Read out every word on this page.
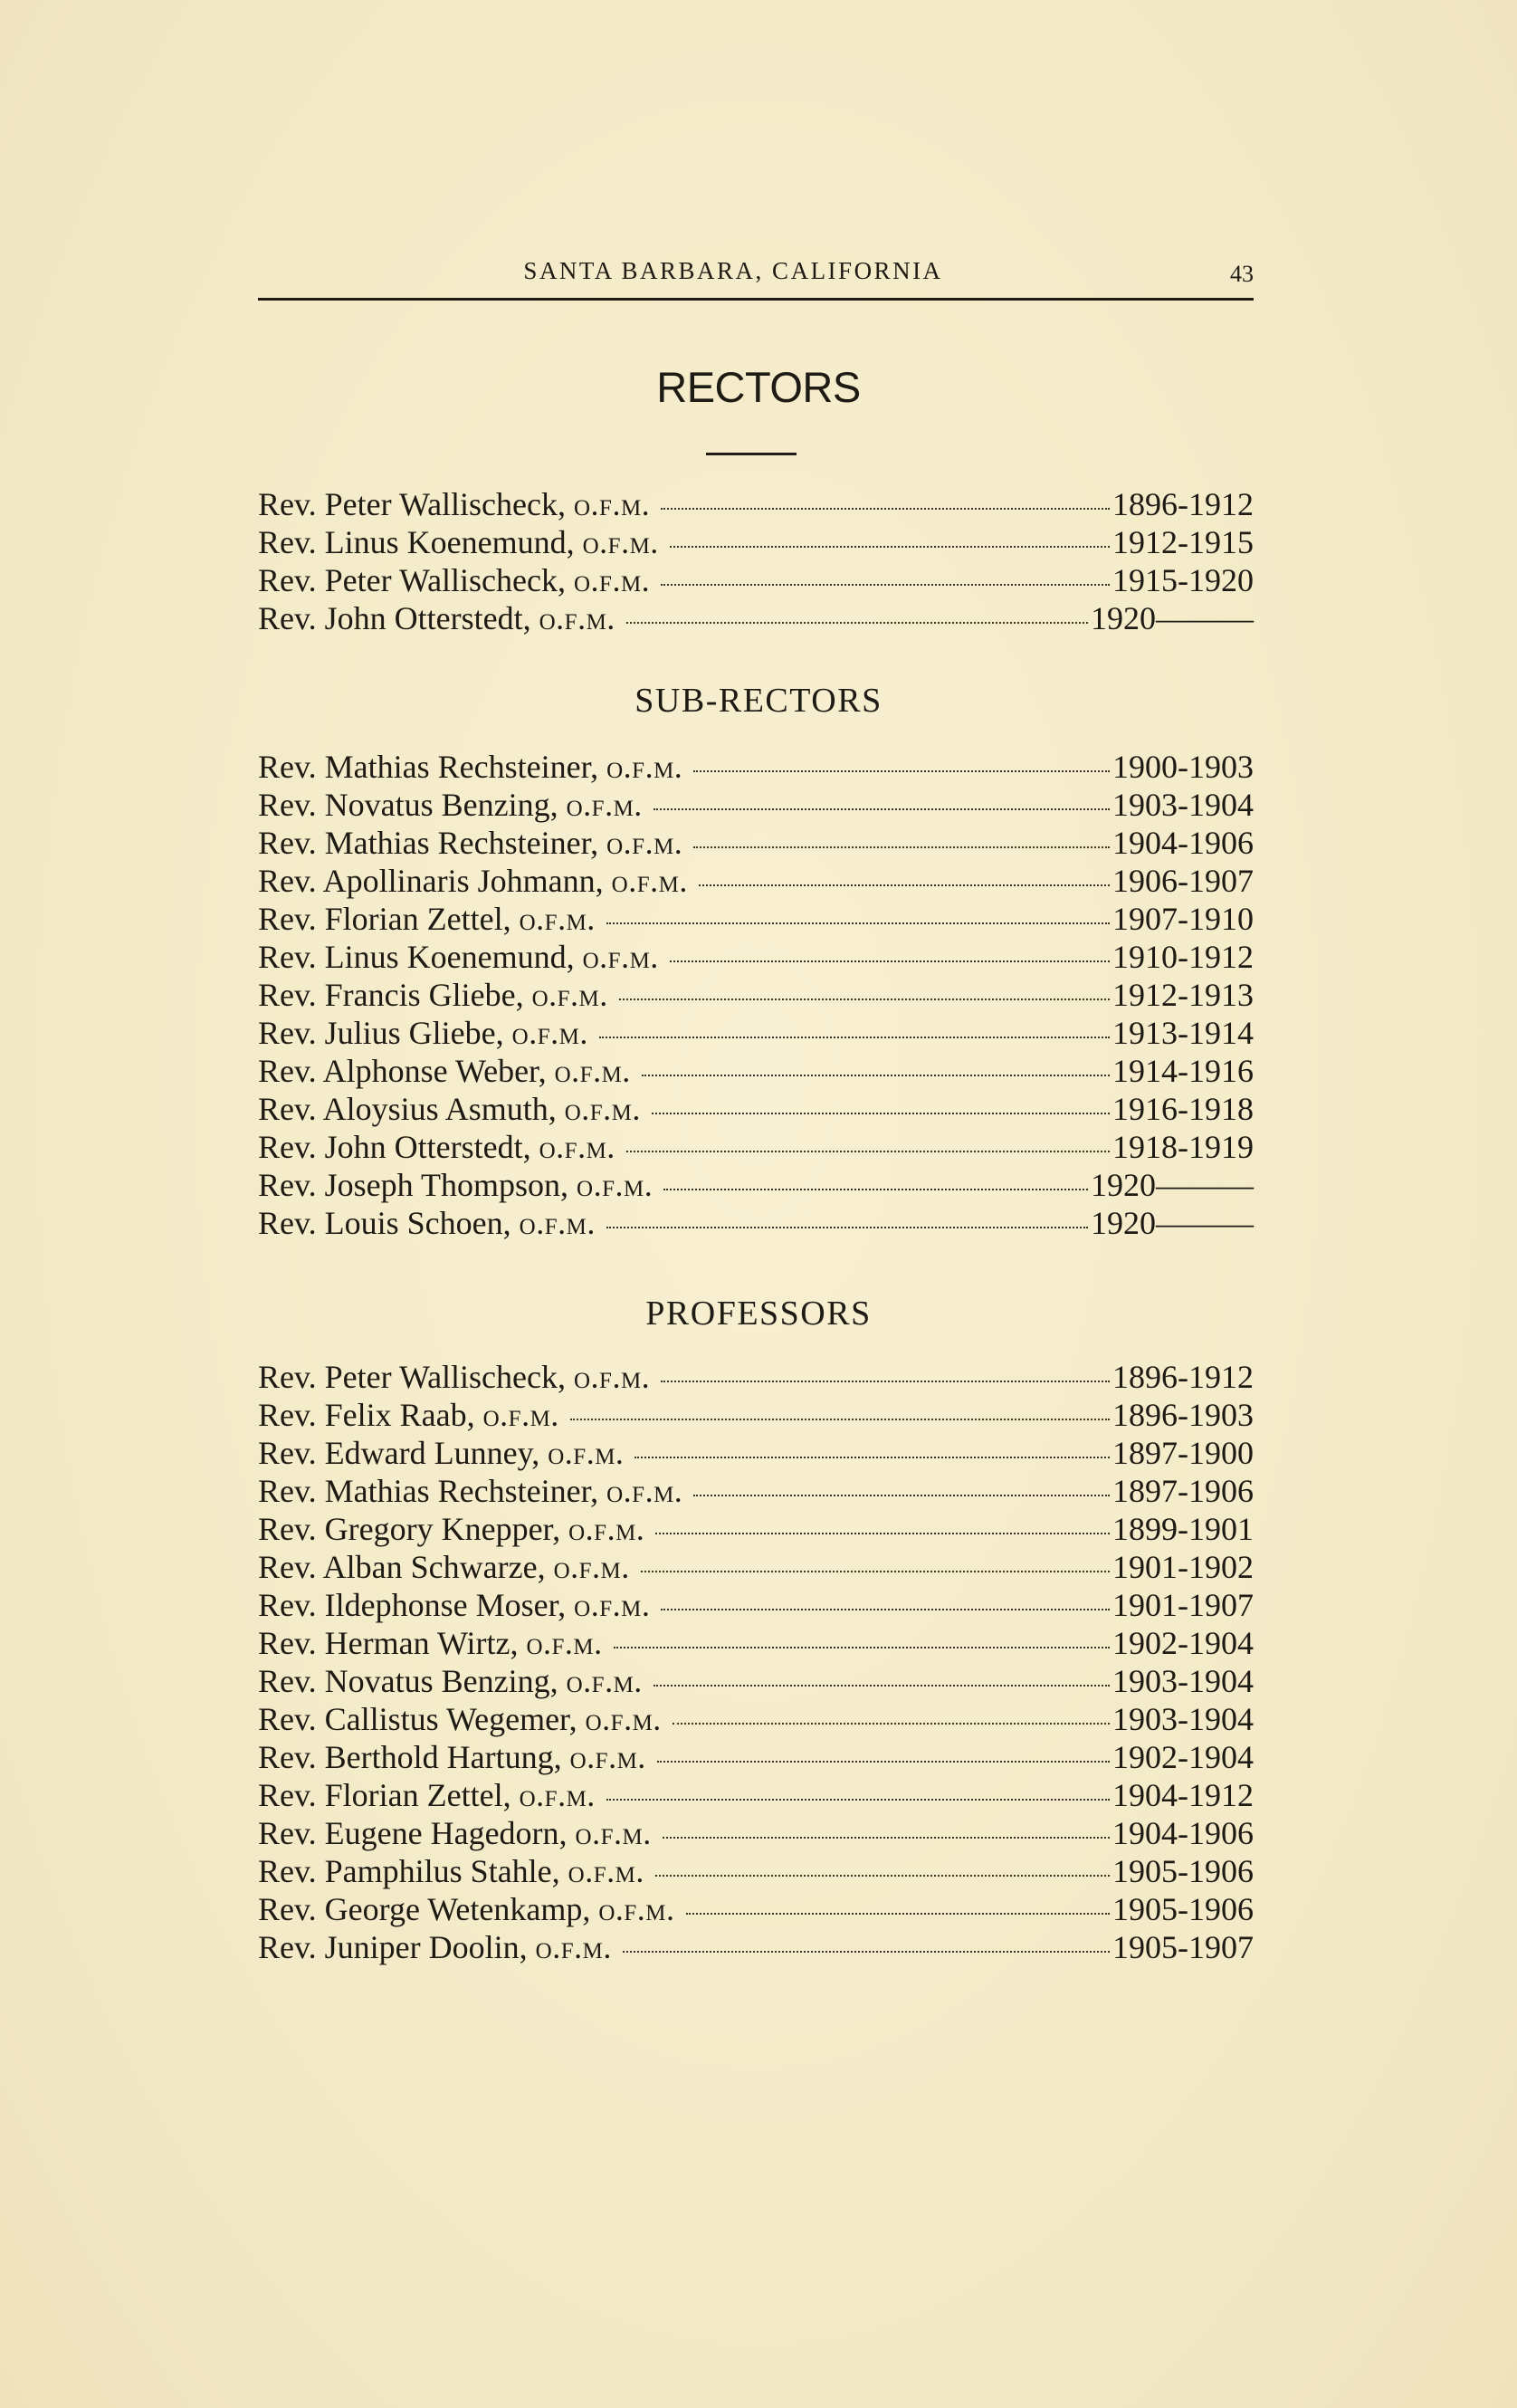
SANTA BARBARA, CALIFORNIA	43
RECTORS
Rev. Peter Wallischeck, o.f.m.	1896-1912
Rev. Linus Koenemund, o.f.m.	1912-1915
Rev. Peter Wallischeck, o.f.m.	1915-1920
Rev. John Otterstedt, o.f.m.	1920———
SUB-RECTORS
Rev. Mathias Rechsteiner, o.f.m.	1900-1903
Rev. Novatus Benzing, o.f.m.	1903-1904
Rev. Mathias Rechsteiner, o.f.m.	1904-1906
Rev. Apollinaris Johmann, o.f.m.	1906-1907
Rev. Florian Zettel, o.f.m.	1907-1910
Rev. Linus Koenemund, o.f.m.	1910-1912
Rev. Francis Gliebe, o.f.m.	1912-1913
Rev. Julius Gliebe, o.f.m.	1913-1914
Rev. Alphonse Weber, o.f.m.	1914-1916
Rev. Aloysius Asmuth, o.f.m.	1916-1918
Rev. John Otterstedt, o.f.m.	1918-1919
Rev. Joseph Thompson, o.f.m.	1920———
Rev. Louis Schoen, o.f.m.	1920———
PROFESSORS
Rev. Peter Wallischeck, o.f.m.	1896-1912
Rev. Felix Raab, o.f.m.	1896-1903
Rev. Edward Lunney, o.f.m.	1897-1900
Rev. Mathias Rechsteiner, o.f.m.	1897-1906
Rev. Gregory Knepper, o.f.m.	1899-1901
Rev. Alban Schwarze, o.f.m.	1901-1902
Rev. Ildephonse Moser, o.f.m.	1901-1907
Rev. Herman Wirtz, o.f.m.	1902-1904
Rev. Novatus Benzing, o.f.m.	1903-1904
Rev. Callistus Wegemer, o.f.m.	1903-1904
Rev. Berthold Hartung, o.f.m.	1902-1904
Rev. Florian Zettel, o.f.m.	1904-1912
Rev. Eugene Hagedorn, o.f.m.	1904-1906
Rev. Pamphilus Stahle, o.f.m.	1905-1906
Rev. George Wetenkamp, o.f.m.	1905-1906
Rev. Juniper Doolin, o.f.m.	1905-1907
